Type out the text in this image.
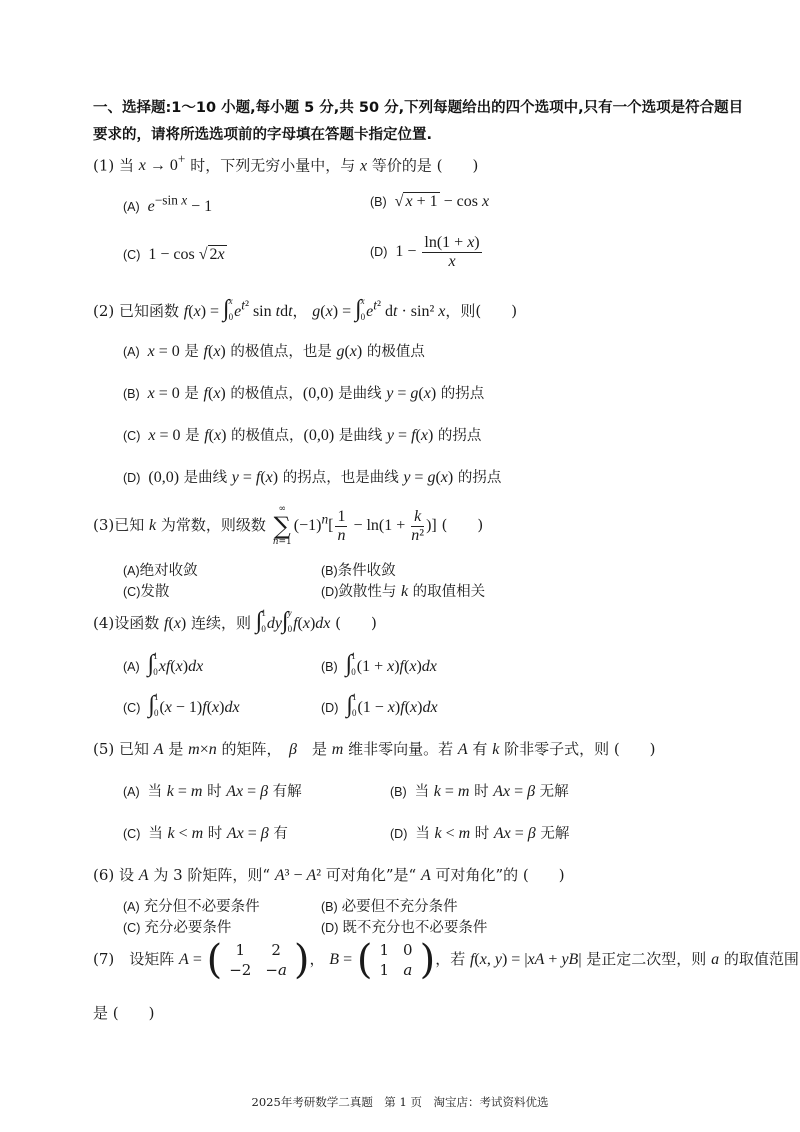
一、选择题:1～10 小题,每小题 5 分,共 50 分,下列每题给出的四个选项中,只有一个选项是符合题目
要求的，请将所选选项前的字母填在答题卡指定位置.
(1) 当 x → 0+ 时，下列无穷小量中，与 x 等价的是 (　　)
(A) $e^{-sin x} - 1$	(B) √ x + 1 − cos x
(C) 1 − cos √ 2x	(D) $1 - \frac{\ln(1 + x)}{x}$
(2) 已知函数 f(x) = ∫ x
0 $e^{t^2}$ sin tdt， g(x) = ∫ x
0 $e^{t^2}$ dt · sin² x，则(　　)
(A) x = 0 是 f(x) 的极值点，也是 g(x) 的极值点
(B) x = 0 是 f(x) 的极值点，(0,0) 是曲线 y = g(x) 的拐点
(C) x = 0 是 f(x) 的极值点，(0,0) 是曲线 y = f(x) 的拐点
(D) (0,0) 是曲线 y = f(x) 的拐点，也是曲线 y = g(x) 的拐点
(3)已知 k 为常数，则级数
∞
∑
n=1
$(-1)^n[ \frac{1}{n} - \ln(1 + \frac{k}{\text{n²}}$ )] (　　)
(A)绝对收敛	(B)条件收敛
(C)发散	(D)敛散性与 k 的取值相关
(4)设函数 f(x) 连续，则 ∫ 1
0 dy ∫ y
0 f(x)dx (　　)
(A) ∫ 1
0 xf(x)dx	(B) ∫ 1
0 (1 + x)f(x)dx
(C) ∫ 1
0 (x − 1)f(x)dx	(D) ∫ 1
0 (1 − x)f(x)dx
(5) 已知 A 是 m×n 的矩阵，　β　是 m 维非零向量。若 A 有 k 阶非零子式，则 (　　)
(A) 当 k = m 时 Ax = β 有解	(B) 当 k = m 时 Ax = β 无解
(C) 当 k < m 时 Ax = β 有	(D) 当 k < m 时 Ax = β 无解
(6) 设 A 为 3 阶矩阵，则“ A³ − A² 可对角化”是“ A 可对角化”的 (　　)
(A) 充分但不必要条件	(B) 必要但不充分条件
(C) 充分必要条件	(D) 既不充分也不必要条件
(7)　设矩阵 A = ( 1	2
−2	−a ) ， B = ( 1	0
1	a ) ，若 f(x, y) = |xA + yB| 是正定二次型，则 a 的取值范围
是 (　　)
2025年考研数学二真题　第 1 页　淘宝店：考试资料优选
